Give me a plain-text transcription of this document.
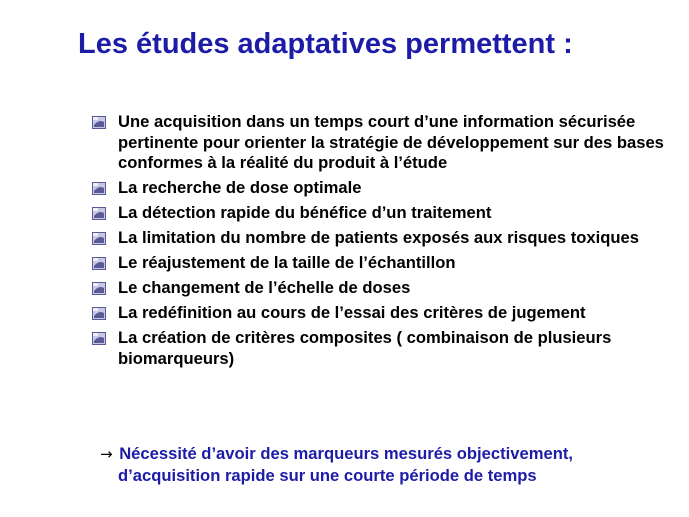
Les études adaptatives permettent :
Une acquisition dans un temps court d’une information sécurisée pertinente pour orienter la stratégie de développement sur des bases conformes à la réalité du produit à l’étude
La recherche de dose optimale
La détection rapide du bénéfice d’un traitement
La limitation du nombre de patients exposés aux risques toxiques
Le réajustement de la taille de l’échantillon
Le changement de l’échelle de doses
La redéfinition au cours de l’essai des critères de jugement
La création de critères composites ( combinaison de plusieurs biomarqueurs)
→ Nécessité d’avoir des marqueurs mesurés objectivement,
d’acquisition rapide sur une courte période de temps
